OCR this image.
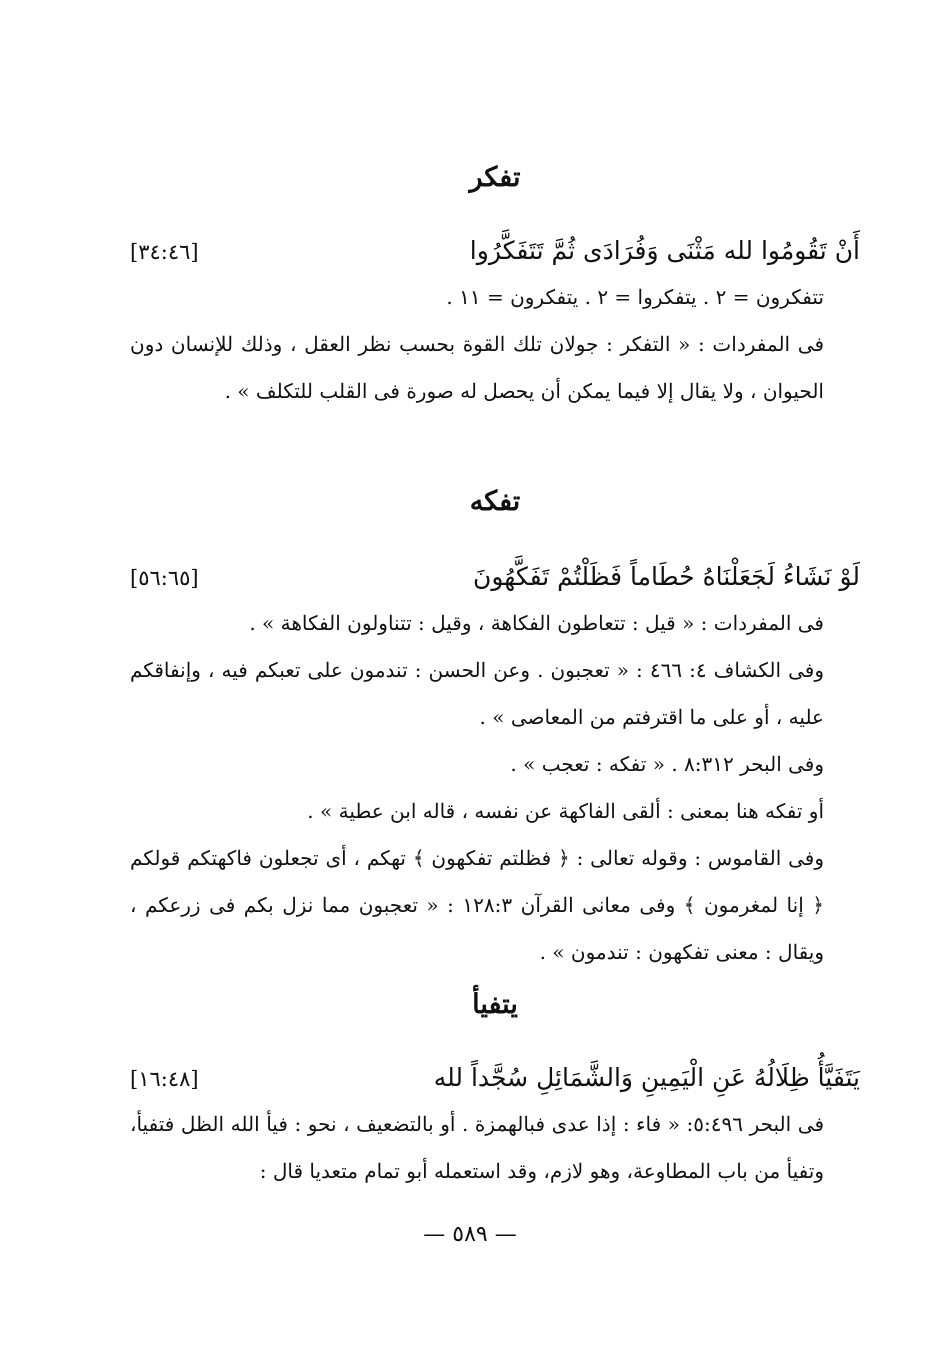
تفكر
أَنْ تَقُومُوا لله مَثْنَى وَفُرَادَى ثُمَّ تَتَفَكَّرُوا
[٣٤:٤٦]
تتفكرون = ٢ . يتفكروا = ٢ . يتفكرون = ١١ .
فى المفردات : « التفكر : جولان تلك القوة بحسب نظر العقل ، وذلك للإنسان دون الحيوان ، ولا يقال إلا فيما يمكن أن يحصل له صورة فى القلب للتكلف » .
تفكه
لَوْ نَشَاءُ لَجَعَلْنَاهُ حُطَاماً فَظَلْتُمْ تَفَكَّهُونَ
[٥٦:٦٥]
فى المفردات : « قيل : تتعاطون الفكاهة ، وقيل : تتناولون الفكاهة » .
وفى الكشاف ٤: ٤٦٦ : « تعجبون . وعن الحسن : تندمون على تعبكم فيه ، وإنفاقكم عليه ، أو على ما اقترفتم من المعاصى » .
وفى البحر ٨:٣١٢ . « تفكه : تعجب » .
أو تفكه هنا بمعنى : ألقى الفاكهة عن نفسه ، قاله ابن عطية » .
وفى القاموس : وقوله تعالى : ﴿ فظلتم تفكهون ﴾ تهكم ، أى تجعلون فاكهتكم قولكم ﴿ إنا لمغرمون ﴾ وفى معانى القرآن ١٢٨:٣ : « تعجبون مما نزل بكم فى زرعكم ، ويقال : معنى تفكهون : تندمون » .
يتفيأ
يَتَفَيَّأُ ظِلَالُهُ عَنِ الْيَمِينِ وَالشَّمَائِلِ سُجَّداً لله
[١٦:٤٨]
فى البحر ٥:٤٩٦: « فاء : إذا عدى فبالهمزة . أو بالتضعيف ، نحو : فيأ الله الظل فتفيأ، وتفيأ من باب المطاوعة، وهو لازم، وقد استعمله أبو تمام متعديا قال :
— ٥٨٩ —
